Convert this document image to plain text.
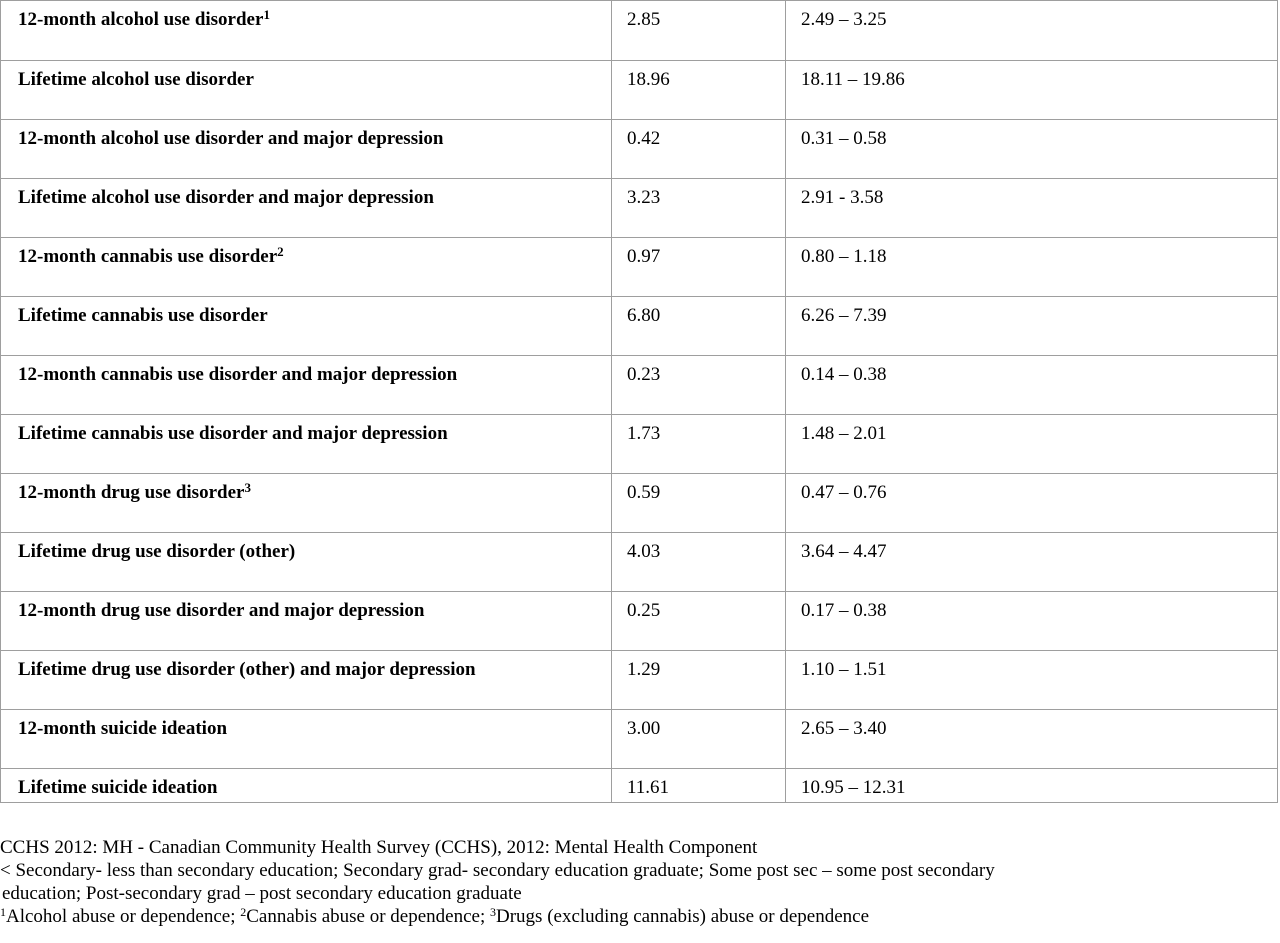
12-month alcohol use disorder$^1$	2.85	2.49 – 3.25
Lifetime alcohol use disorder	18.96	18.11 – 19.86
12-month alcohol use disorder and major depression	0.42	0.31 – 0.58
Lifetime alcohol use disorder and major depression	3.23	2.91 - 3.58
12-month cannabis use disorder$^2$	0.97	0.80 – 1.18
Lifetime cannabis use disorder	6.80	6.26 – 7.39
12-month cannabis use disorder and major depression	0.23	0.14 – 0.38
Lifetime cannabis use disorder and major depression	1.73	1.48 – 2.01
12-month drug use disorder$^3$	0.59	0.47 – 0.76
Lifetime drug use disorder (other)	4.03	3.64 – 4.47
12-month drug use disorder and major depression	0.25	0.17 – 0.38
Lifetime drug use disorder (other) and major depression	1.29	1.10 – 1.51
12-month suicide ideation	3.00	2.65 – 3.40
Lifetime suicide ideation	11.61	10.95 – 12.31

CCHS 2012: MH - Canadian Community Health Survey (CCHS), 2012: Mental Health Component

< Secondary- less than secondary education; Secondary grad- secondary education graduate; Some post sec – some post secondary

education; Post-secondary grad – post secondary education graduate

$^1$Alcohol abuse or dependence; $^2$Cannabis abuse or dependence; $^3$Drugs (excluding cannabis) abuse or dependence
